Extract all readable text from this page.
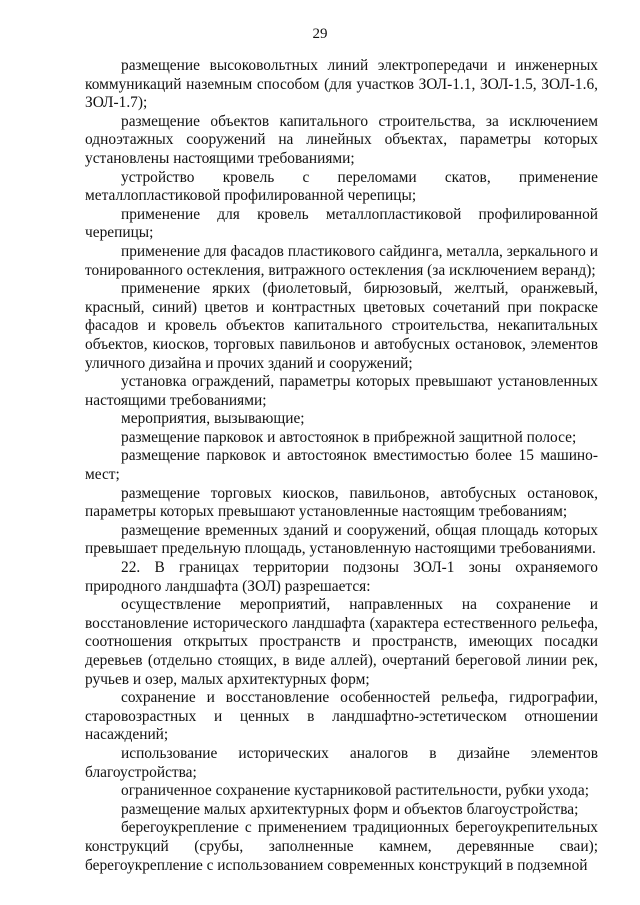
29

размещение высоковольтных линий электропередачи и инженерных коммуникаций наземным способом (для участков ЗОЛ-1.1, ЗОЛ-1.5, ЗОЛ-1.6, ЗОЛ-1.7);

размещение объектов капитального строительства, за исключением одноэтажных сооружений на линейных объектах, параметры которых установлены настоящими требованиями;

устройство кровель с переломами скатов, применение металлопластиковой профилированной черепицы;

применение для кровель металлопластиковой профилированной черепицы;

применение для фасадов пластикового сайдинга, металла, зеркального и тонированного остекления, витражного остекления (за исключением веранд);

применение ярких (фиолетовый, бирюзовый, желтый, оранжевый, красный, синий) цветов и контрастных цветовых сочетаний при покраске фасадов и кровель объектов капитального строительства, некапитальных объектов, киосков, торговых павильонов и автобусных остановок, элементов уличного дизайна и прочих зданий и сооружений;

установка ограждений, параметры которых превышают установленных настоящими требованиями;

мероприятия, вызывающие;

размещение парковок и автостоянок в прибрежной защитной полосе;

размещение парковок и автостоянок вместимостью более 15 машино-мест;

размещение торговых киосков, павильонов, автобусных остановок, параметры которых превышают установленные настоящим требованиям;

размещение временных зданий и сооружений, общая площадь которых превышает предельную площадь, установленную настоящими требованиями.

22. В границах территории подзоны ЗОЛ-1 зоны охраняемого природного ландшафта (ЗОЛ) разрешается:

осуществление мероприятий, направленных на сохранение и восстановление исторического ландшафта (характера естественного рельефа, соотношения открытых пространств и пространств, имеющих посадки деревьев (отдельно стоящих, в виде аллей), очертаний береговой линии рек, ручьев и озер, малых архитектурных форм;

сохранение и восстановление особенностей рельефа, гидрографии, старовозрастных и ценных в ландшафтно-эстетическом отношении насаждений;

использование исторических аналогов в дизайне элементов благоустройства;

ограниченное сохранение кустарниковой растительности, рубки ухода;

размещение малых архитектурных форм и объектов благоустройства;

берегоукрепление с применением традиционных берегоукрепительных конструкций (срубы, заполненные камнем, деревянные сваи); берегоукрепление с использованием современных конструкций в подземной
